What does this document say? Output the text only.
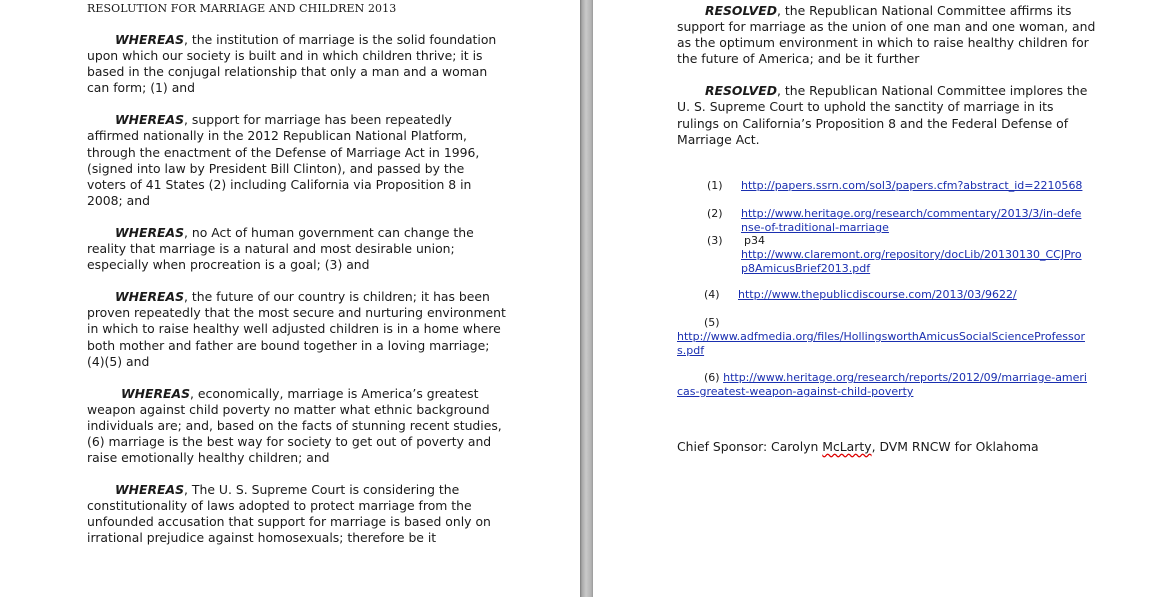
RESOLUTION FOR MARRIAGE AND CHILDREN 2013

WHEREAS, the institution of marriage is the solid foundation upon which our society is built and in which children thrive; it is based in the conjugal relationship that only a man and a woman can form; (1) and

WHEREAS, support for marriage has been repeatedly affirmed nationally in the 2012 Republican National Platform, through the enactment of the Defense of Marriage Act in 1996, (signed into law by President Bill Clinton), and passed by the voters of 41 States (2) including California via Proposition 8 in 2008; and

WHEREAS, no Act of human government can change the reality that marriage is a natural and most desirable union; especially when procreation is a goal; (3) and

WHEREAS, the future of our country is children; it has been proven repeatedly that the most secure and nurturing environment in which to raise healthy well adjusted children is in a home where both mother and father are bound together in a loving marriage; (4)(5) and

WHEREAS, economically, marriage is America’s greatest weapon against child poverty no matter what ethnic background individuals are; and, based on the facts of stunning recent studies, (6) marriage is the best way for society to get out of poverty and raise emotionally healthy children; and

WHEREAS, The U. S. Supreme Court is considering the constitutionality of laws adopted to protect marriage from the unfounded accusation that support for marriage is based only on irrational prejudice against homosexuals; therefore be it

RESOLVED, the Republican National Committee affirms its support for marriage as the union of one man and one woman, and as the optimum environment in which to raise healthy children for the future of America; and be it further

RESOLVED, the Republican National Committee implores the U. S. Supreme Court to uphold the sanctity of marriage in its rulings on California’s Proposition 8 and the Federal Defense of Marriage Act.

(1) http://papers.ssrn.com/sol3/papers.cfm?abstract_id=2210568
(2) http://www.heritage.org/research/commentary/2013/3/in-defense-of-traditional-marriage
(3) p34
http://www.claremont.org/repository/docLib/20130130_CCJProp8AmicusBrief2013.pdf
(4) http://www.thepublicdiscourse.com/2013/03/9622/
(5)
http://www.adfmedia.org/files/HollingsworthAmicusSocialScienceProfessors.pdf
(6) http://www.heritage.org/research/reports/2012/09/marriage-americas-greatest-weapon-against-child-poverty
Chief Sponsor: Carolyn McLarty, DVM RNCW for Oklahoma
